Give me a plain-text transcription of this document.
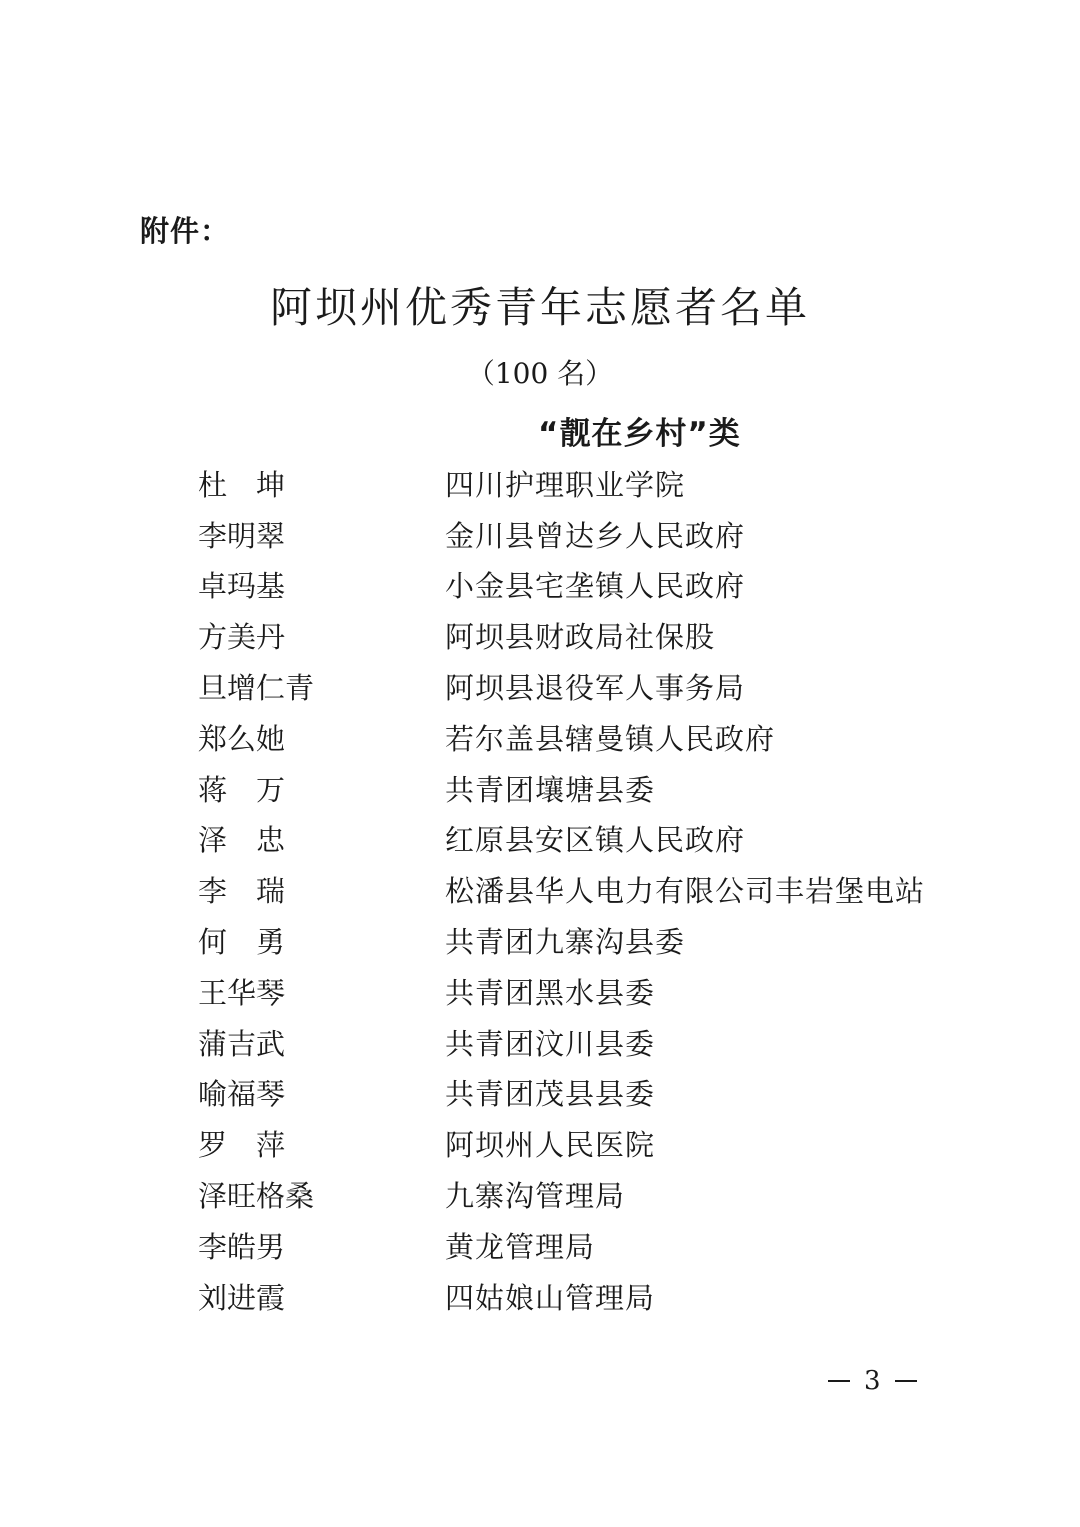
附件：
阿坝州优秀青年志愿者名单
（100 名）
“靓在乡村”类
杜坤	四川护理职业学院
李明翠	金川县曾达乡人民政府
卓玛基	小金县宅垄镇人民政府
方美丹	阿坝县财政局社保股
旦增仁青	阿坝县退役军人事务局
郑么她	若尔盖县辖曼镇人民政府
蒋万	共青团壤塘县委
泽忠	红原县安区镇人民政府
李瑞	松潘县华人电力有限公司丰岩堡电站
何勇	共青团九寨沟县委
王华琴	共青团黑水县委
蒲吉武	共青团汶川县委
喻福琴	共青团茂县县委
罗萍	阿坝州人民医院
泽旺格桑	九寨沟管理局
李皓男	黄龙管理局
刘进霞	四姑娘山管理局
3
